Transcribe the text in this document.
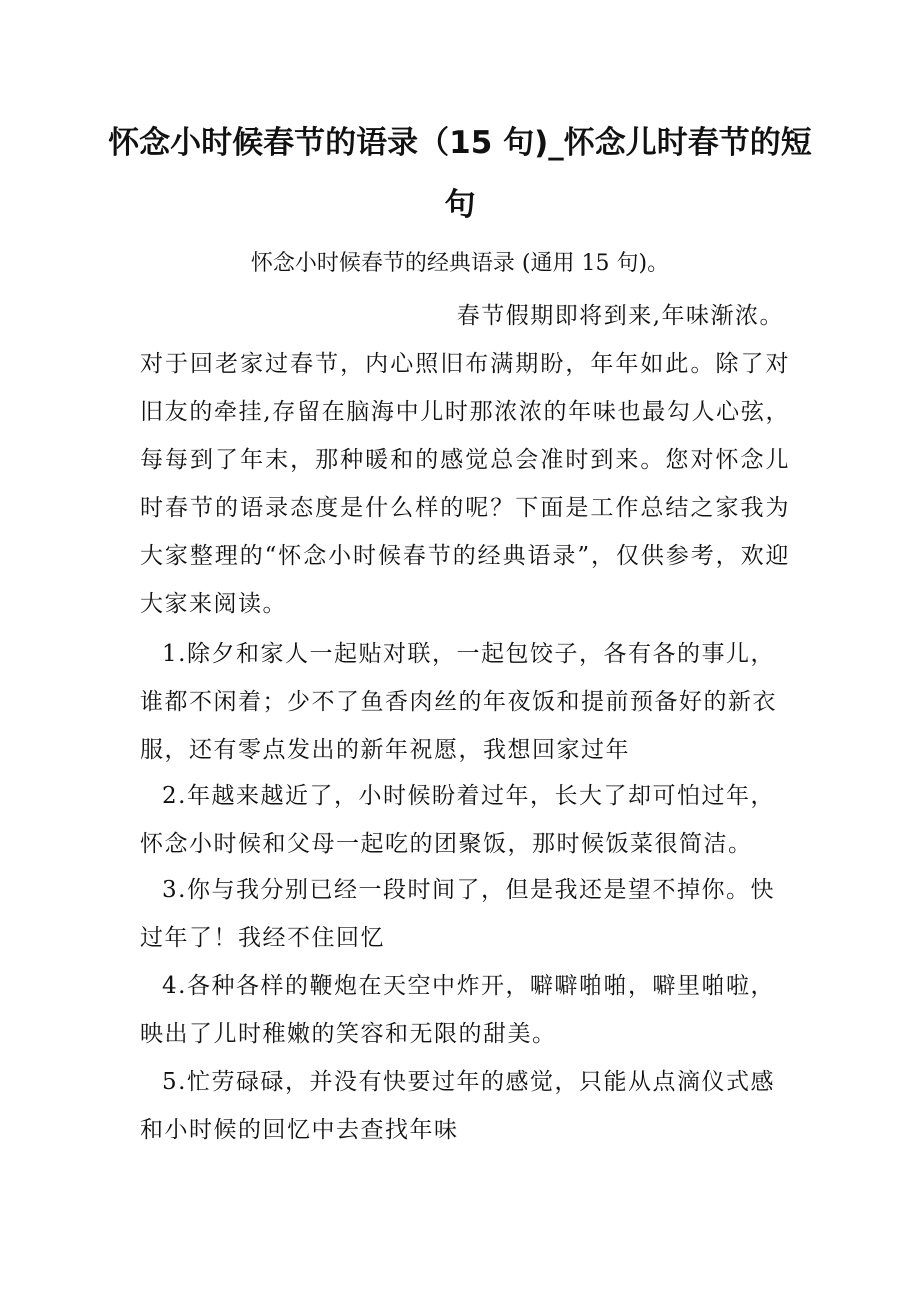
怀念小时候春节的语录（15 句)_怀念儿时春节的短句

怀念小时候春节的经典语录 (通用 15 句)。

春节假期即将到来,年味渐浓。

对于回老家过春节，内心照旧布满期盼，年年如此。除了对旧友的牵挂,存留在脑海中儿时那浓浓的年味也最勾人心弦，每每到了年末，那种暖和的感觉总会准时到来。您对怀念儿时春节的语录态度是什么样的呢？下面是工作总结之家我为大家整理的“怀念小时候春节的经典语录”，仅供参考，欢迎大家来阅读。

1.除夕和家人一起贴对联，一起包饺子，各有各的事儿，谁都不闲着；少不了鱼香肉丝的年夜饭和提前预备好的新衣服，还有零点发出的新年祝愿，我想回家过年

2.年越来越近了，小时候盼着过年，长大了却可怕过年，怀念小时候和父母一起吃的团聚饭，那时候饭菜很简洁。

3.你与我分别已经一段时间了，但是我还是望不掉你。快过年了！我经不住回忆

4.各种各样的鞭炮在天空中炸开，噼噼啪啪，噼里啪啦，映出了儿时稚嫩的笑容和无限的甜美。

5.忙劳碌碌，并没有快要过年的感觉，只能从点滴仪式感和小时候的回忆中去查找年味
